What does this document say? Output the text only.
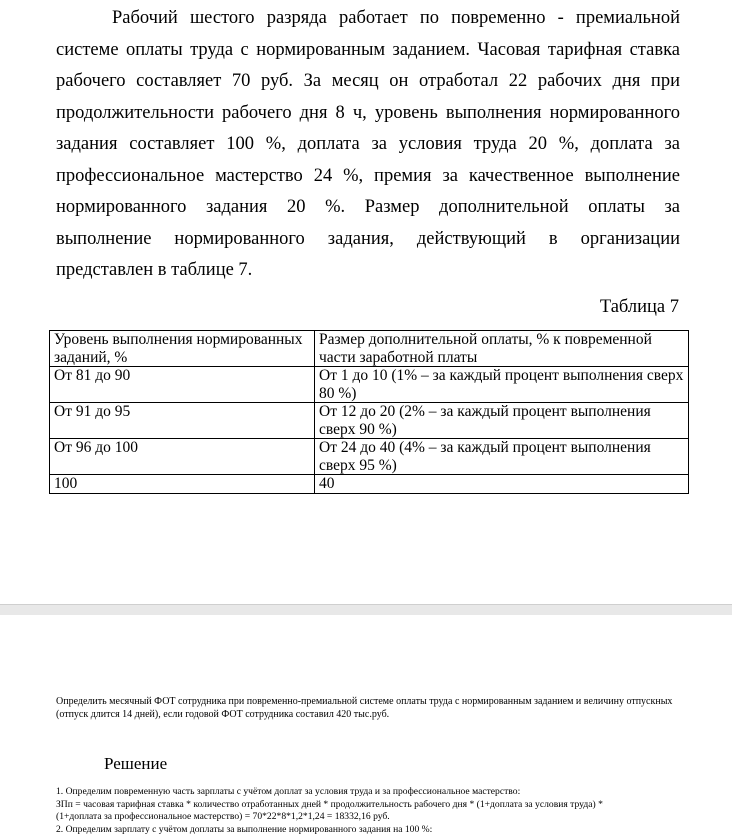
Рабочий шестого разряда работает по повременно - премиальной
системе оплаты труда с нормированным заданием. Часовая тарифная ставка
рабочего составляет 70 руб. За месяц он отработал 22 рабочих дня при
продолжительности рабочего дня 8 ч, уровень выполнения нормированного
задания составляет 100 %, доплата за условия труда 20 %, доплата за
профессиональное мастерство 24 %, премия за качественное выполнение
нормированного задания 20 %. Размер дополнительной оплаты за
выполнение нормированного задания, действующий в организации
представлен в таблице 7.
Таблица 7
Уровень выполнения нормированных заданий, %	Размер дополнительной оплаты, % к повременной части заработной платы
От 81 до 90	От 1 до 10 (1% – за каждый процент выполнения сверх 80 %)
От 91 до 95	От 12 до 20 (2% – за каждый процент выполнения сверх 90 %)
От 96 до 100	От 24 до 40 (4% – за каждый процент выполнения сверх 95 %)
100	40
Определить месячный ФОТ сотрудника при повременно-премиальной системе оплаты труда с нормированным заданием и величину отпускных (отпуск длится 14 дней), если годовой ФОТ сотрудника составил 420 тыс.руб.
Решение
1. Определим повременную часть зарплаты с учётом доплат за условия труда и за профессиональное мастерство:
ЗПп = часовая тарифная ставка * количество отработанных дней * продолжительность рабочего дня * (1+доплата за условия труда) *
(1+доплата за профессиональное мастерство) = 70*22*8*1,2*1,24 = 18332,16 руб.
2. Определим зарплату с учётом доплаты за выполнение нормированного задания на 100 %:
